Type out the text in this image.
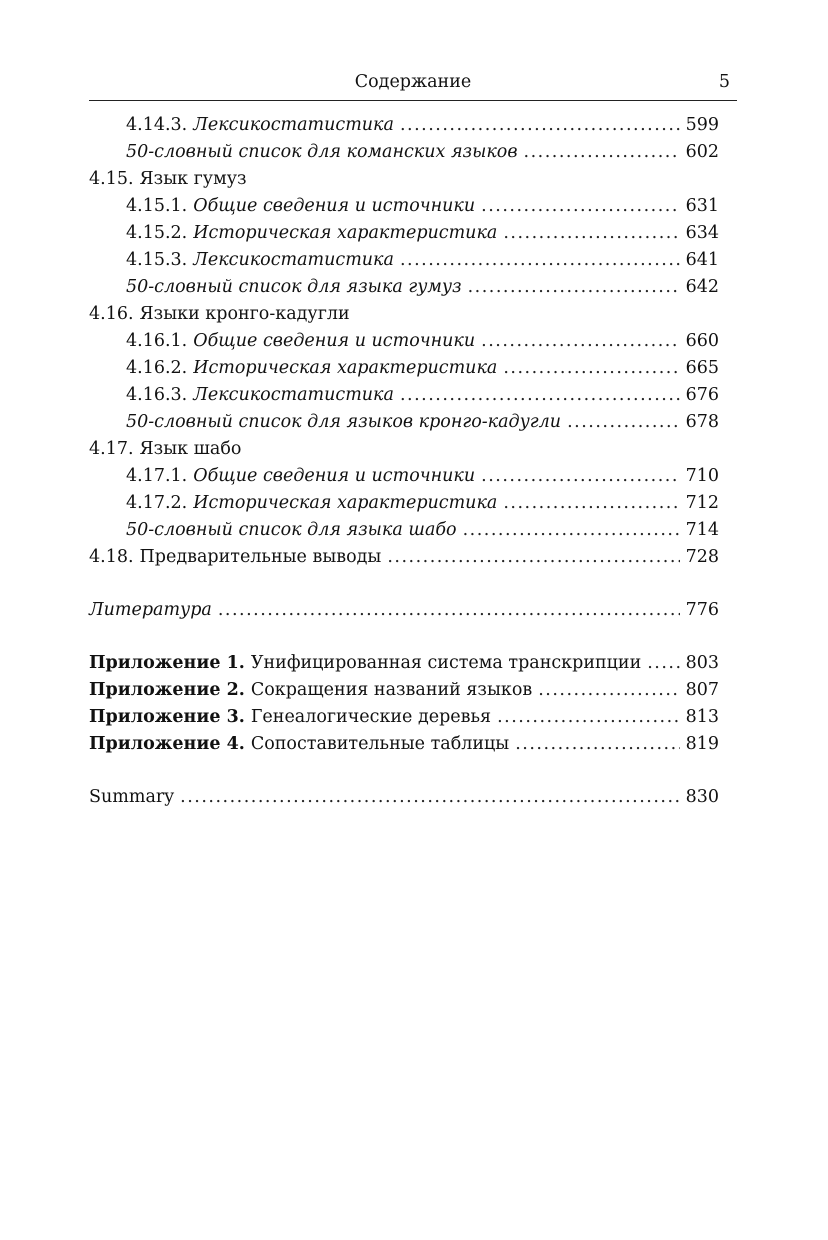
Содержание	5
4.14.3. Лексикостатистика .....	599
50-словный список для команских языков .....	602
4.15. Язык гумуз
4.15.1. Общие сведения и источники .....	631
4.15.2. Историческая характеристика .....	634
4.15.3. Лексикостатистика .....	641
50-словный список для языка гумуз .....	642
4.16. Языки кронго-кадугли
4.16.1. Общие сведения и источники .....	660
4.16.2. Историческая характеристика .....	665
4.16.3. Лексикостатистика .....	676
50-словный список для языков кронго-кадугли .....	678
4.17. Язык шабо
4.17.1. Общие сведения и источники .....	710
4.17.2. Историческая характеристика .....	712
50-словный список для языка шабо .....	714
4.18. Предварительные выводы .....	728
Литература .....	776
Приложение 1. Унифицированная система транскрипции .....	803
Приложение 2. Сокращения названий языков .....	807
Приложение 3. Генеалогические деревья .....	813
Приложение 4. Сопоставительные таблицы .....	819
Summary .....	830
